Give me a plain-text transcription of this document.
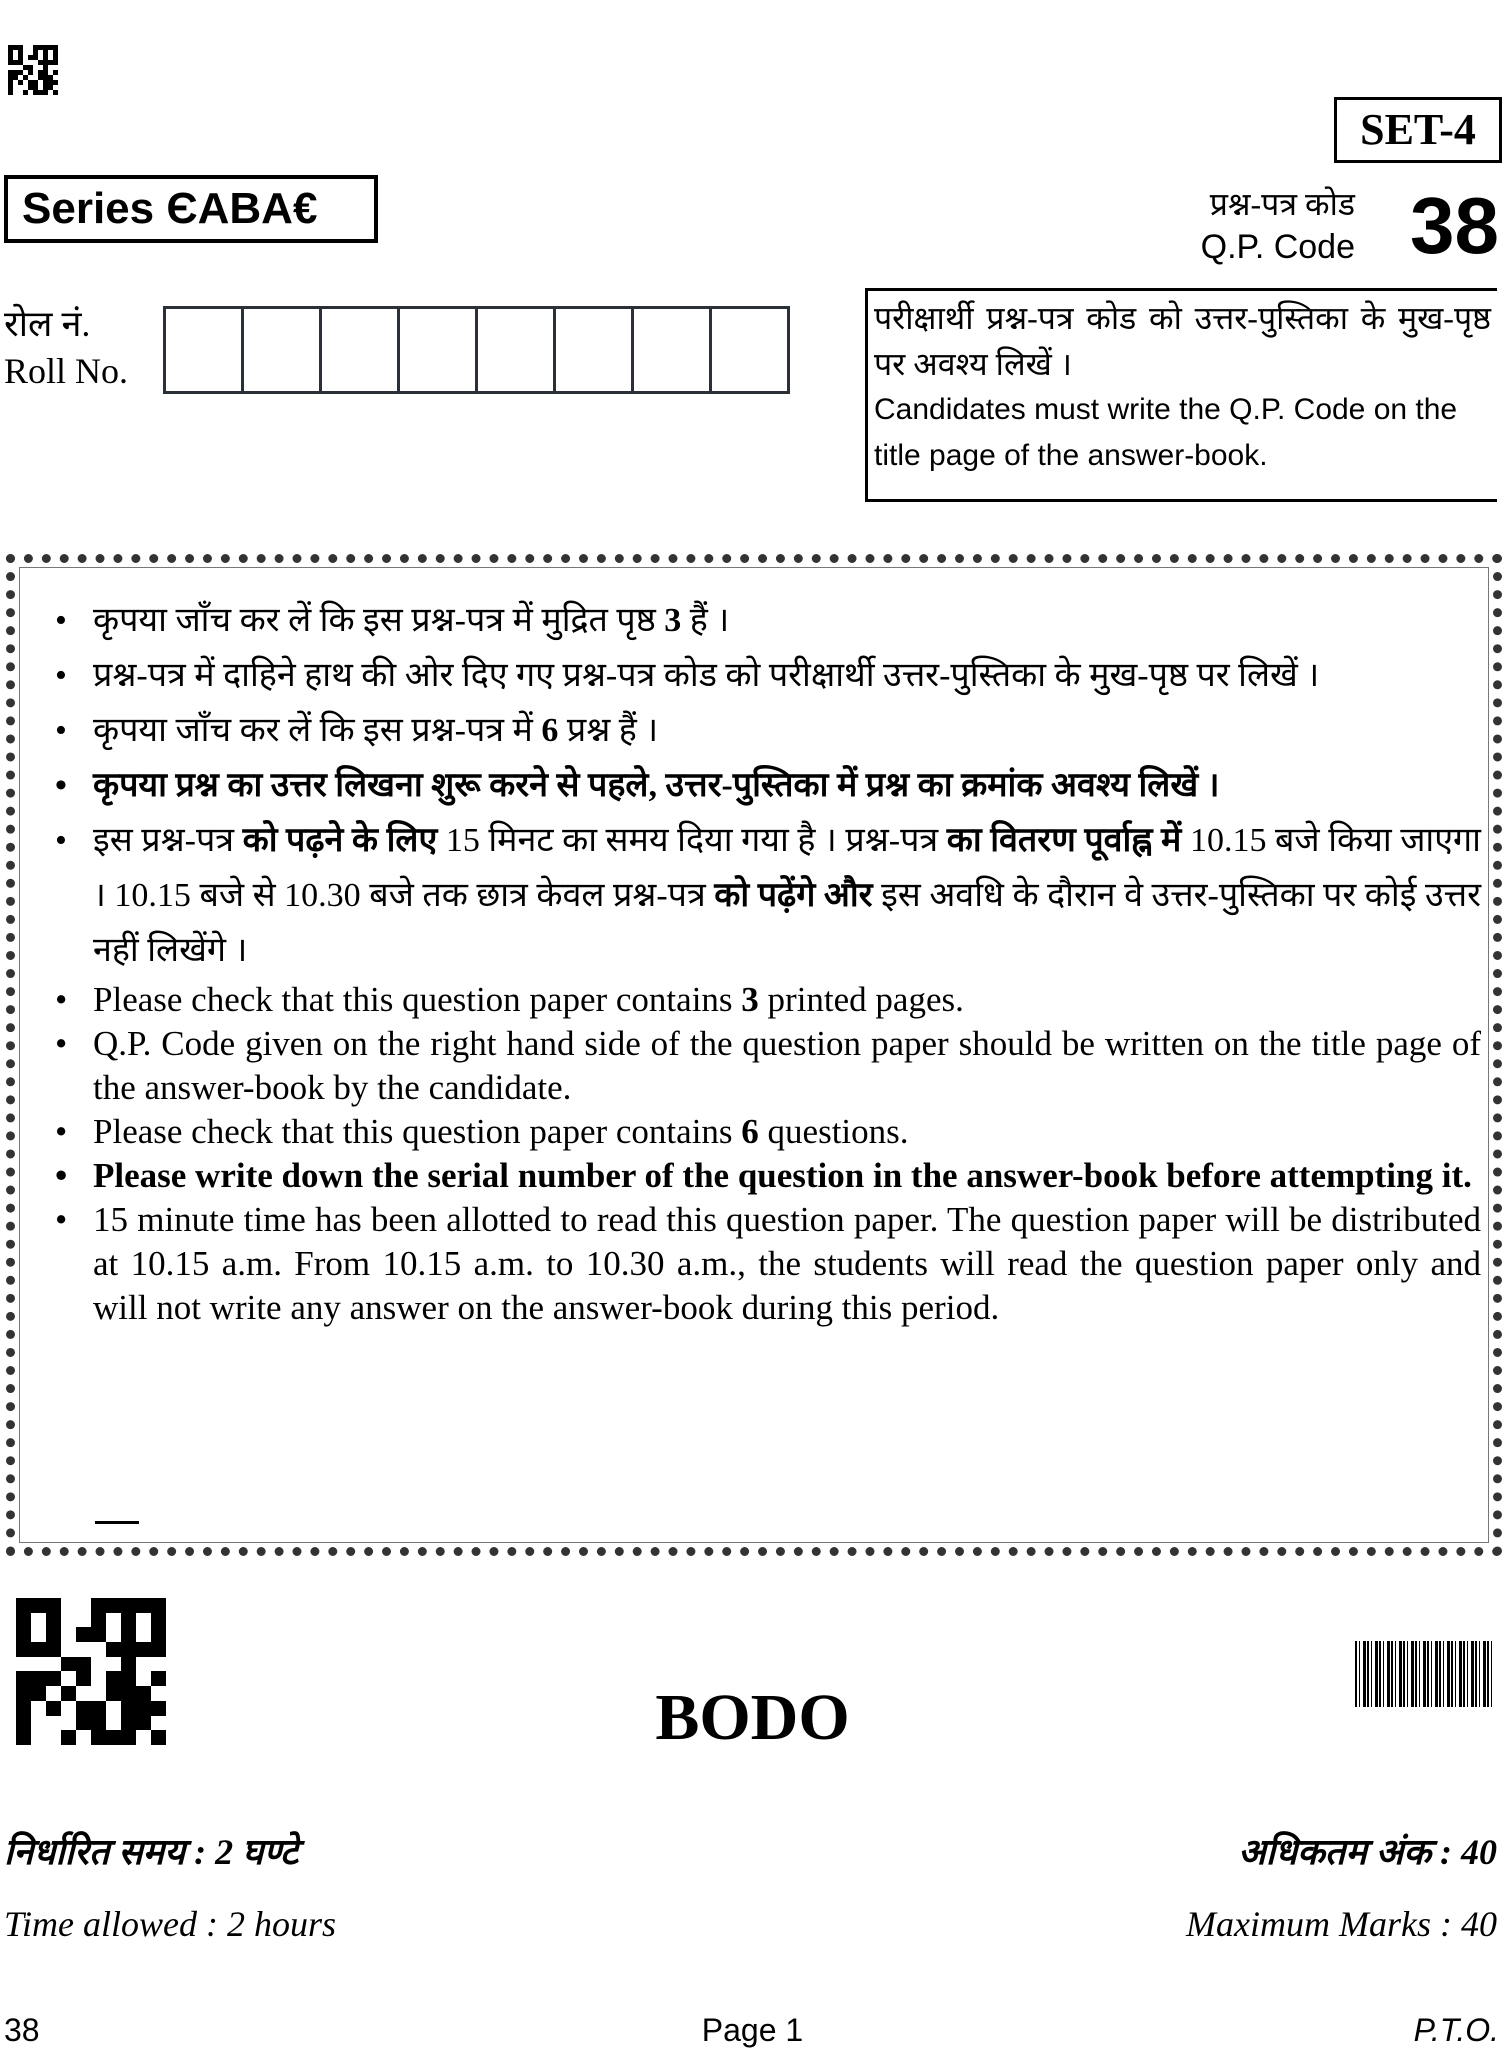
SET-4
Series ЄABA€	प्रश्न-पत्र कोड
Q.P. Code 38
रोल नं.
Roll No.
परीक्षार्थी प्रश्न-पत्र कोड को उत्तर-पुस्तिका के मुख-पृष्ठ पर अवश्य लिखें ।
Candidates must write the Q.P. Code on the title page of the answer-book.
• कृपया जाँच कर लें कि इस प्रश्न-पत्र में मुद्रित पृष्ठ 3 हैं ।
• प्रश्न-पत्र में दाहिने हाथ की ओर दिए गए प्रश्न-पत्र कोड को परीक्षार्थी उत्तर-पुस्तिका के मुख-पृष्ठ पर लिखें ।
• कृपया जाँच कर लें कि इस प्रश्न-पत्र में 6 प्रश्न हैं ।
• कृपया प्रश्न का उत्तर लिखना शुरू करने से पहले, उत्तर-पुस्तिका में प्रश्न का क्रमांक अवश्य लिखें ।
• इस प्रश्न-पत्र को पढ़ने के लिए 15 मिनट का समय दिया गया है । प्रश्न-पत्र का वितरण पूर्वाह्न में 10.15 बजे किया जाएगा । 10.15 बजे से 10.30 बजे तक छात्र केवल प्रश्न-पत्र को पढ़ेंगे और इस अवधि के दौरान वे उत्तर-पुस्तिका पर कोई उत्तर नहीं लिखेंगे ।
• Please check that this question paper contains 3 printed pages.
• Q.P. Code given on the right hand side of the question paper should be written on the title page of the answer-book by the candidate.
• Please check that this question paper contains 6 questions.
• Please write down the serial number of the question in the answer-book before attempting it.
• 15 minute time has been allotted to read this question paper. The question paper will be distributed at 10.15 a.m. From 10.15 a.m. to 10.30 a.m., the students will read the question paper only and will not write any answer on the answer-book during this period.
BODO
निर्धारित समय : 2 घण्टे	अधिकतम अंक : 40
Time allowed : 2 hours	Maximum Marks : 40
38	Page 1	P.T.O.
